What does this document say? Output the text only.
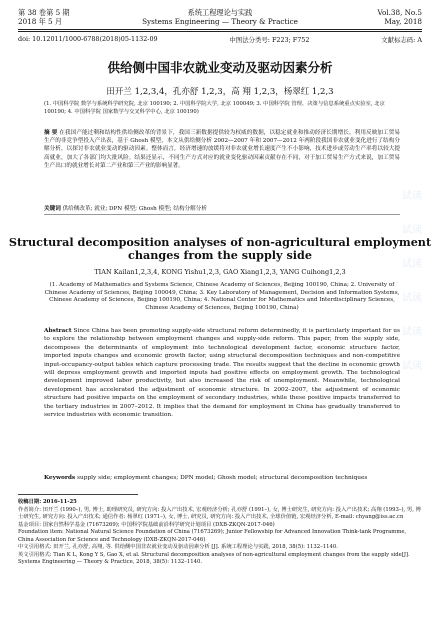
试读
试读
试读
试读
试读
试读
第 38 卷第 5 期	系统工程理论与实践	Vol.38, No.5
2018 年 5 月	Systems Engineering — Theory & Practice	May, 2018
doi: 10.12011/1000-6788(2018)05-1132-09	中图法分类号: F223; F752	文献标志码: A
供给侧中国非农就业变动及驱动因素分析
田开兰 1,2,3,4，孔亦舒 1,2,3，高 翔 1,2,3，杨翠红 1,2,3
(1. 中国科学院 数学与系统科学研究院, 北京 100190; 2. 中国科学院大学, 北京 100049; 3. 中国科学院 管理、决策与信息系统重点实验室, 北京 100190; 4. 中国科学院 国家数学与交叉科学中心, 北京 100190)
摘 要 在我国产能过剩和结构性供给侧改革的背景下，我国三新数据提供较为权威的数据，以稳定就业和推动经济长期增长。利用反映加工贸易生产的非竞争型投入产出表，基于 Ghosh 模型，本文从供给侧分析 2002—2007 年和 2007—2012 年两阶段我国非农就业变化进行了结构分解分析，以探讨非农就业变动的驱动因素。整体而言，经济增速的放缓将对非农就业增长速度产生不小影响，技术进步或劳动生产率将以较大提高就业，加大了各部门均大批风险。结果还显示，不同生产方式对应的就业变化驱动因素贡献存在不同，对于加工贸易生产方式来说，加工贸易生产出口的就业增长对第二产业和第三产业的影响显著。
关键词 供给侧改革; 就业; DPN 模型; Ghosh 模型; 结构分解分析
Structural decomposition analyses of non-agricultural employment changes from the supply side
TIAN Kailan1,2,3,4, KONG Yishu1,2,3, GAO Xiang1,2,3, YANG Cuihong1,2,3
(1. Academy of Mathematics and Systems Science, Chinese Academy of Sciences, Beijing 100190, China; 2. University of Chinese Academy of Sciences, Beijing 100049, China; 3. Key Laboratory of Management, Decision and Information Systems, Chinese Academy of Sciences, Beijing 100190, China; 4. National Center for Mathematics and Interdisciplinary Sciences, Chinese Academy of Sciences, Beijing 100190, China)
Abstract Since China has been promoting supply-side structural reform determinedly, it is particularly important for us to explore the relationship between employment changes and supply-side reform. This paper, from the supply side, decomposes the determinants of employment into technological development factor, economic structure factor, imported inputs changes and economic growth factor, using structural decomposition techniques and non-competitive input-occupancy-output tables which capture processing trade. The results suggest that the decline in economic growth will depress employment growth and imported inputs had positive effects on employment growth. The technological development improved labor productivity, but also increased the risk of unemployment. Meanwhile, technological development has accelerated the adjustment of economic structure. In 2002–2007, the adjustment of economic structure had positive impacts on the employment of secondary industries, while these positive impacts transferred to the tertiary industries in 2007–2012. It implies that the demand for employment in China has gradually transferred to service industries with economic transition.
Keywords supply side; employment changes; DPN model; Ghosh model; structural decomposition techniques
收稿日期: 2016-11-25
作者简介: 田开兰 (1990–), 男, 博士, 助理研究员, 研究方向: 投入产出技术, 宏观经济分析; 孔亦舒 (1991–), 女, 博士研究生, 研究方向: 投入产出技术; 高翔 (1993–), 男, 博士研究生, 研究方向: 投入产出技术; 通信作者: 杨翠红 (1971–), 女, 博士, 研究员, 研究方向: 投入产出技术, 全球价值链, 宏观经济分析, E-mail: chyang@iss.ac.cn
基金项目: 国家自然科学基金 (71673269); 中国科学院基础前沿科学研究计划项目 (DXB-ZKQN-2017-046)
Foundation item: National Natural Science Foundation of China (71673269); Junior Fellowship for Advanced Innovation Think-tank Programme, China Association for Science and Technology (DXB-ZKQN-2017-046)
中文引用格式: 田开兰, 孔亦舒, 高翔, 等. 供给侧中国非农就业变动及驱动因素分析 [J]. 系统工程理论与实践, 2018, 38(5): 1132–1140.
英文引用格式: Tian K L, Kong Y S, Gao X, et al. Structural decomposition analyses of non-agricultural employment changes from the supply side[J]. Systems Engineering — Theory & Practice, 2018, 38(5): 1132–1140.
